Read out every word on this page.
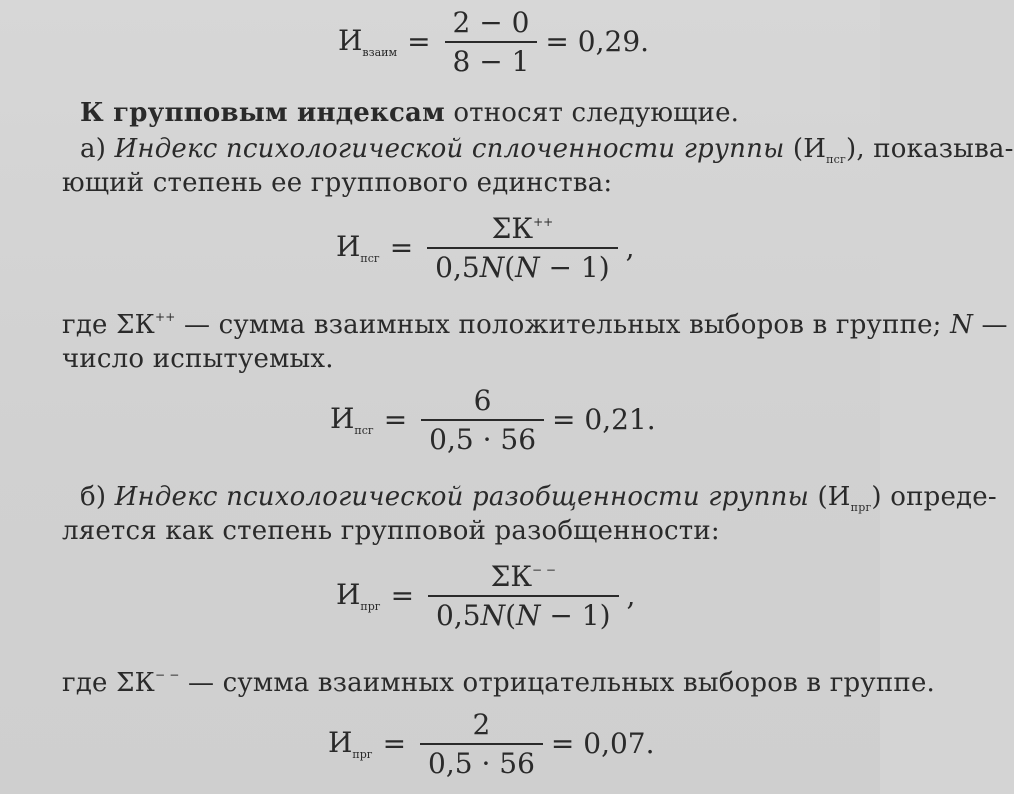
$И_{взаим} = \frac{2 - 0}{8 - 1} = 0,29$.
К групповым индексам относят следующие.
а) Индекс психологической сплоченности группы $(И_{псг})$, показыва-
ющий степень ее группового единства:
$И_{псг} = \frac{\Sigma К^{++}}{0,5N(N - 1)}$ ,
где ΣК++ — сумма взаимных положительных выборов в группе; N —
число испытуемых.
$И_{псг} = \frac{6}{0,5 \cdot 56} = 0,21$.
б) Индекс психологической разобщенности группы $(И_{прг})$ опреде-
ляется как степень групповой разобщенности:
$И_{прг} = \frac{\Sigma К^{- -}}{0,5N(N - 1)}$ ,
где ΣК− − — сумма взаимных отрицательных выборов в группе.
$И_{прг} = \frac{2}{0,5 \cdot 56} = 0,07$.
